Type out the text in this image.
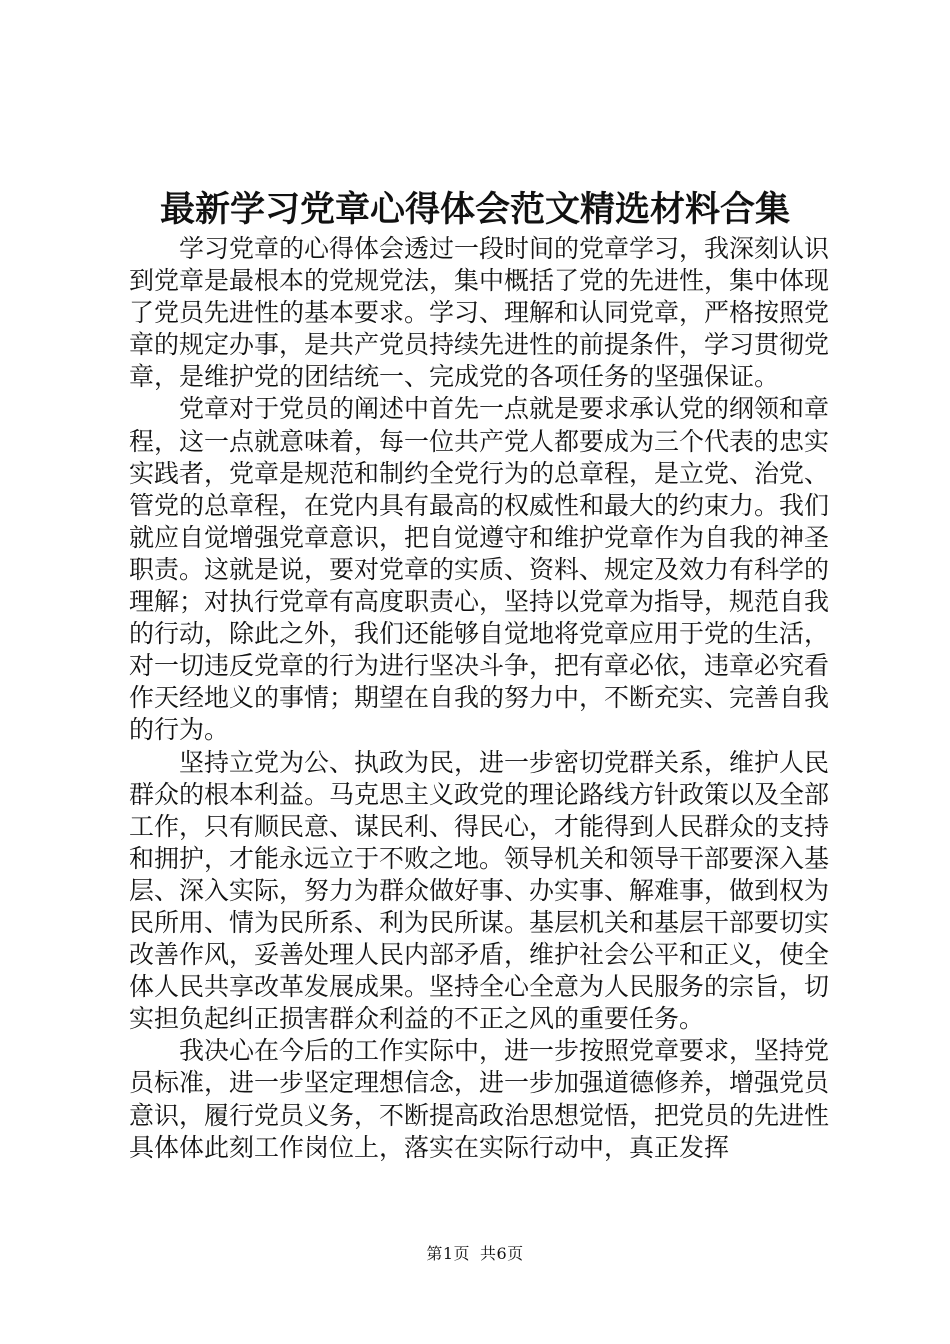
最新学习党章心得体会范文精选材料合集

学习党章的心得体会透过一段时间的党章学习，我深刻认识到党章是最根本的党规党法，集中概括了党的先进性，集中体现了党员先进性的基本要求。学习、理解和认同党章，严格按照党章的规定办事，是共产党员持续先进性的前提条件，学习贯彻党章，是维护党的团结统一、完成党的各项任务的坚强保证。

党章对于党员的阐述中首先一点就是要求承认党的纲领和章程，这一点就意味着，每一位共产党人都要成为三个代表的忠实实践者，党章是规范和制约全党行为的总章程，是立党、治党、管党的总章程，在党内具有最高的权威性和最大的约束力。我们就应自觉增强党章意识，把自觉遵守和维护党章作为自我的神圣职责。这就是说，要对党章的实质、资料、规定及效力有科学的理解；对执行党章有高度职责心，坚持以党章为指导，规范自我的行动，除此之外，我们还能够自觉地将党章应用于党的生活，对一切违反党章的行为进行坚决斗争，把有章必依，违章必究看作天经地义的事情；期望在自我的努力中，不断充实、完善自我的行为。

坚持立党为公、执政为民，进一步密切党群关系，维护人民群众的根本利益。马克思主义政党的理论路线方针政策以及全部工作，只有顺民意、谋民利、得民心，才能得到人民群众的支持和拥护，才能永远立于不败之地。领导机关和领导干部要深入基层、深入实际，努力为群众做好事、办实事、解难事，做到权为民所用、情为民所系、利为民所谋。基层机关和基层干部要切实改善作风，妥善处理人民内部矛盾，维护社会公平和正义，使全体人民共享改革发展成果。坚持全心全意为人民服务的宗旨，切实担负起纠正损害群众利益的不正之风的重要任务。

我决心在今后的工作实际中，进一步按照党章要求，坚持党员标准，进一步坚定理想信念，进一步加强道德修养，增强党员意识，履行党员义务，不断提高政治思想觉悟，把党员的先进性具体体此刻工作岗位上，落实在实际行动中，真正发挥

第1页 共6页
